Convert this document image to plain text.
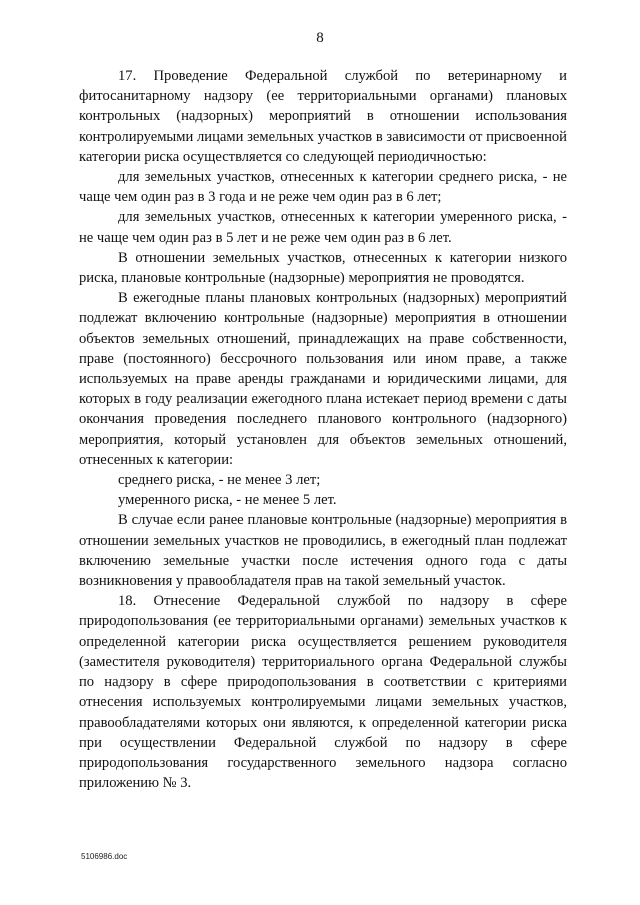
8

17. Проведение Федеральной службой по ветеринарному и фитосанитарному надзору (ее территориальными органами) плановых контрольных (надзорных) мероприятий в отношении использования контролируемыми лицами земельных участков в зависимости от присвоенной категории риска осуществляется со следующей периодичностью:

для земельных участков, отнесенных к категории среднего риска, - не чаще чем один раз в 3 года и не реже чем один раз в 6 лет;

для земельных участков, отнесенных к категории умеренного риска, - не чаще чем один раз в 5 лет и не реже чем один раз в 6 лет.

В отношении земельных участков, отнесенных к категории низкого риска, плановые контрольные (надзорные) мероприятия не проводятся.

В ежегодные планы плановых контрольных (надзорных) мероприятий подлежат включению контрольные (надзорные) мероприятия в отношении объектов земельных отношений, принадлежащих на праве собственности, праве (постоянного) бессрочного пользования или ином праве, а также используемых на праве аренды гражданами и юридическими лицами, для которых в году реализации ежегодного плана истекает период времени с даты окончания проведения последнего планового контрольного (надзорного) мероприятия, который установлен для объектов земельных отношений, отнесенных к категории:

среднего риска, - не менее 3 лет;

умеренного риска, - не менее 5 лет.

В случае если ранее плановые контрольные (надзорные) мероприятия в отношении земельных участков не проводились, в ежегодный план подлежат включению земельные участки после истечения одного года с даты возникновения у правообладателя прав на такой земельный участок.

18. Отнесение Федеральной службой по надзору в сфере природопользования (ее территориальными органами) земельных участков к определенной категории риска осуществляется решением руководителя (заместителя руководителя) территориального органа Федеральной службы по надзору в сфере природопользования в соответствии с критериями отнесения используемых контролируемыми лицами земельных участков, правообладателями которых они являются, к определенной категории риска при осуществлении Федеральной службой по надзору в сфере природопользования государственного земельного надзора согласно приложению № 3.

5106986.doc
